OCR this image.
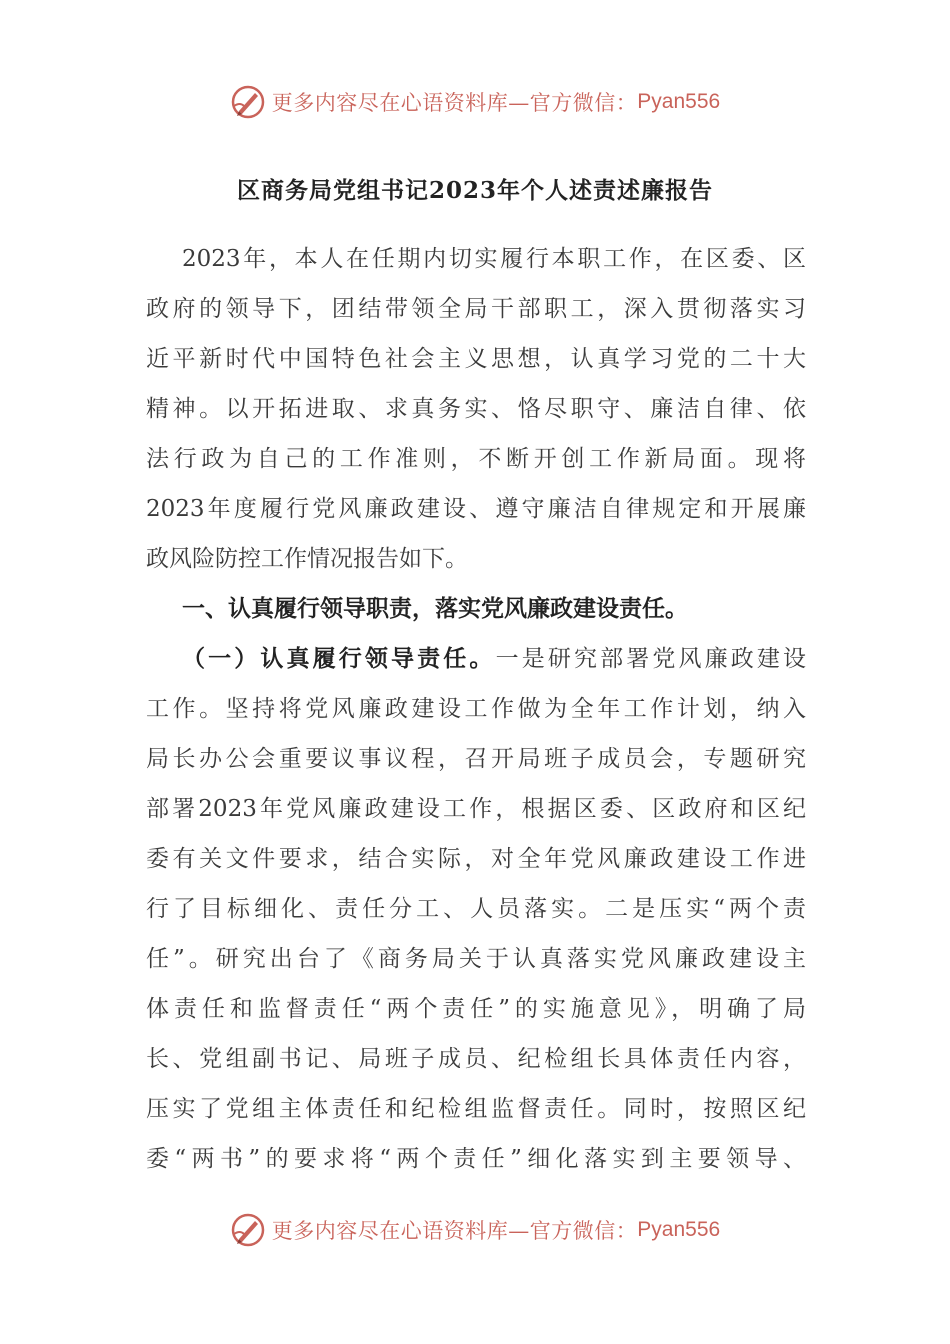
更多内容尽在心语资料库—官方微信： Pyan556
区商务局党组书记2023年个人述责述廉报告
2023年，本人在任期内切实履行本职工作，在区委、区
政府的领导下，团结带领全局干部职工，深入贯彻落实习
近平新时代中国特色社会主义思想，认真学习党的二十大
精神。以开拓进取、求真务实、恪尽职守、廉洁自律、依
法行政为自己的工作准则，不断开创工作新局面。现将
2023年度履行党风廉政建设、遵守廉洁自律规定和开展廉
政风险防控工作情况报告如下。
一、认真履行领导职责，落实党风廉政建设责任。
（一）认真履行领导责任。一是研究部署党风廉政建设
工作。坚持将党风廉政建设工作做为全年工作计划，纳入
局长办公会重要议事议程，召开局班子成员会，专题研究
部署2023年党风廉政建设工作，根据区委、区政府和区纪
委有关文件要求，结合实际，对全年党风廉政建设工作进
行了目标细化、责任分工、人员落实。二是压实“两个责
任”。研究出台了《商务局关于认真落实党风廉政建设主
体责任和监督责任“两个责任”的实施意见》，明确了局
长、党组副书记、局班子成员、纪检组长具体责任内容，
压实了党组主体责任和纪检组监督责任。同时，按照区纪
委“两书”的要求将“两个责任”细化落实到主要领导、
更多内容尽在心语资料库—官方微信： Pyan556
